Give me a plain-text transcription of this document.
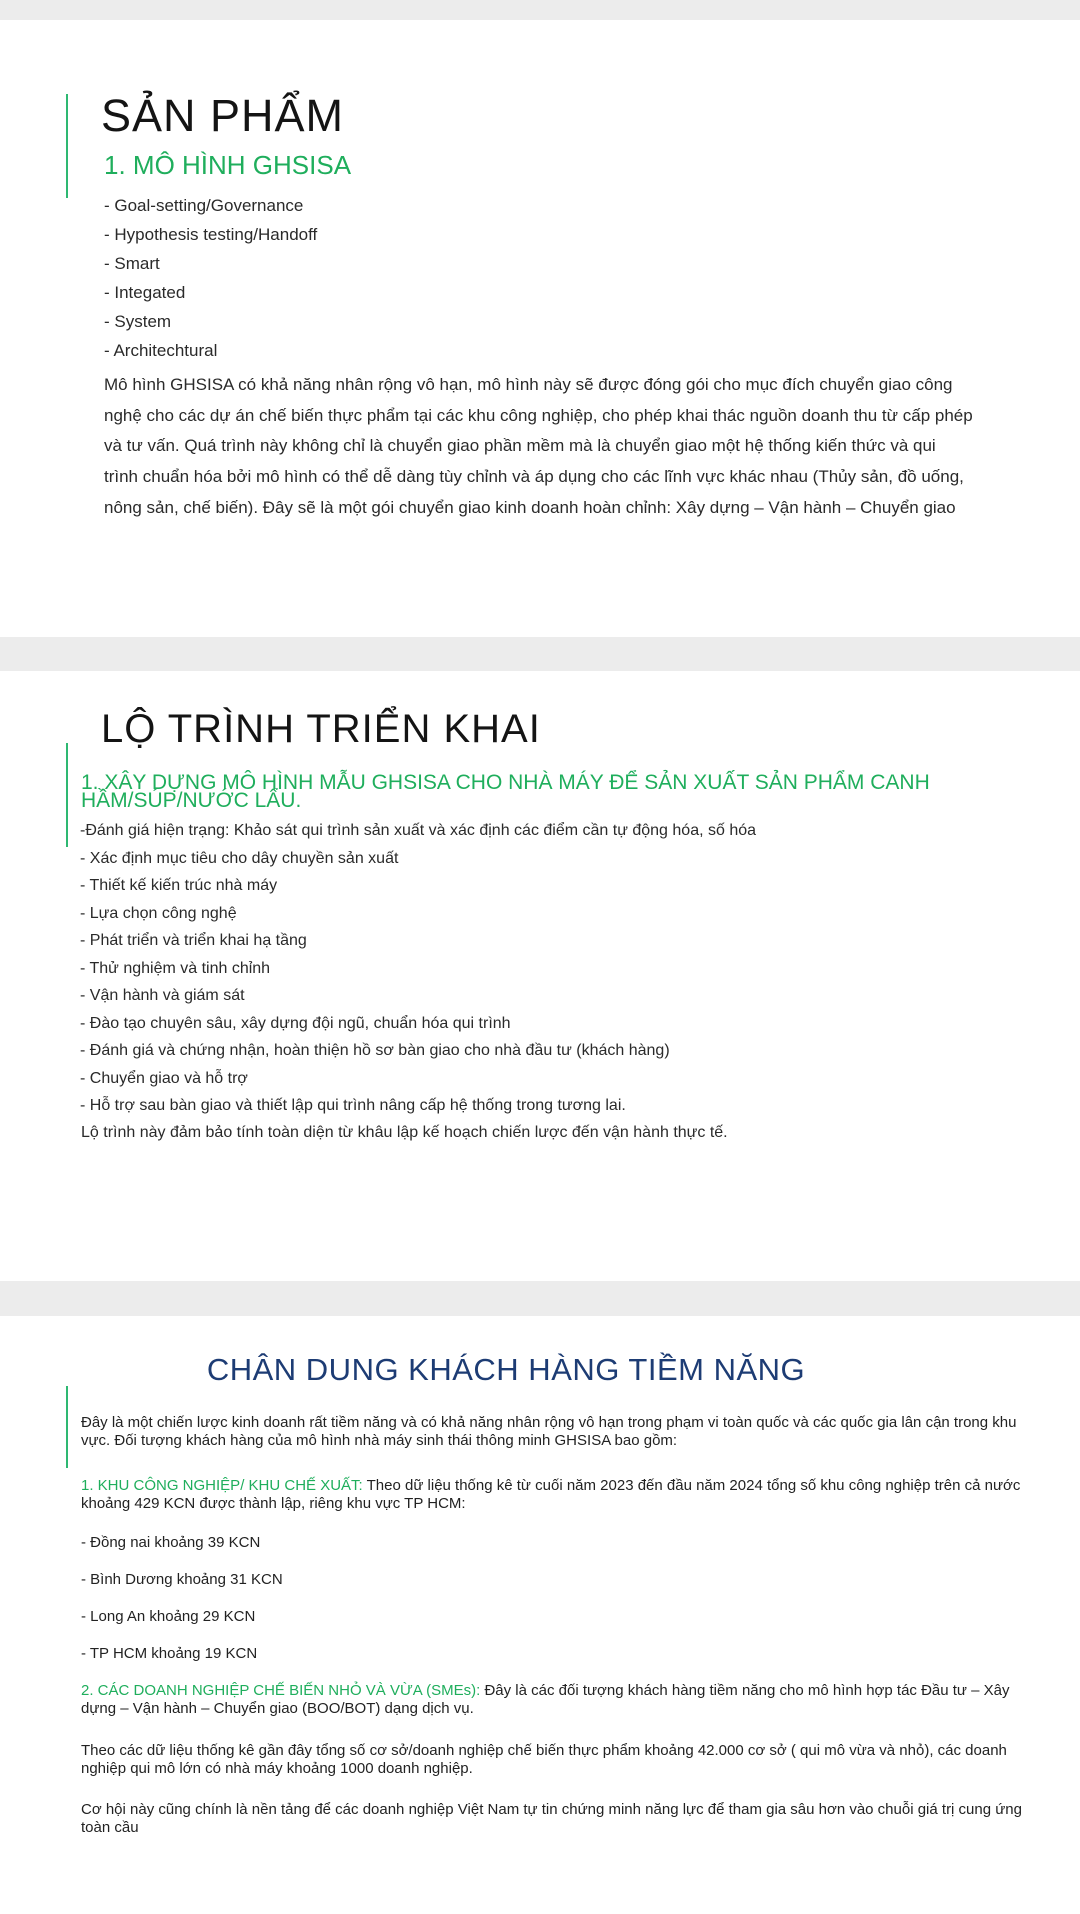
SẢN PHẨM
1. MÔ HÌNH GHSISA
- Goal-setting/Governance
- Hypothesis testing/Handoff
- Smart
- Integated
- System
- Architechtural

Mô hình GHSISA có khả năng nhân rộng vô hạn, mô hình này sẽ được đóng gói cho mục đích chuyển giao công nghệ cho các dự án chế biến thực phẩm tại các khu công nghiệp, cho phép khai thác nguồn doanh thu từ cấp phép và tư vấn. Quá trình này không chỉ là chuyển giao phần mềm mà là chuyển giao một hệ thống kiến thức và qui trình chuẩn hóa bởi mô hình có thể dễ dàng tùy chỉnh và áp dụng cho các lĩnh vực khác nhau (Thủy sản, đồ uống, nông sản, chế biến). Đây sẽ là một gói chuyển giao kinh doanh hoàn chỉnh: Xây dựng – Vận hành – Chuyển giao

LỘ TRÌNH TRIỂN KHAI
1. XÂY DỰNG MÔ HÌNH MẪU GHSISA CHO NHÀ MÁY ĐỂ SẢN XUẤT SẢN PHẨM CANH HẦM/SÚP/NƯỚC LẨU.
-Đánh giá hiện trạng: Khảo sát qui trình sản xuất và xác định các điểm cần tự động hóa, số hóa
- Xác định mục tiêu cho dây chuyền sản xuất
- Thiết kế kiến trúc nhà máy
- Lựa chọn công nghệ
- Phát triển và triển khai hạ tầng
- Thử nghiệm và tinh chỉnh
- Vận hành và giám sát
- Đào tạo chuyên sâu, xây dựng đội ngũ, chuẩn hóa qui trình
- Đánh giá và chứng nhận, hoàn thiện hồ sơ bàn giao cho nhà đầu tư (khách hàng)
- Chuyển giao và hỗ trợ
- Hỗ trợ sau bàn giao và thiết lập qui trình nâng cấp hệ thống trong tương lai.

Lộ trình này đảm bảo tính toàn diện từ khâu lập kế hoạch chiến lược đến vận hành thực tế.

CHÂN DUNG KHÁCH HÀNG TIỀM NĂNG

Đây là một chiến lược kinh doanh rất tiềm năng và có khả năng nhân rộng vô hạn trong phạm vi toàn quốc và các quốc gia lân cận trong khu vực. Đối tượng khách hàng của mô hình nhà máy sinh thái thông minh GHSISA bao gồm:

1. KHU CÔNG NGHIỆP/ KHU CHẾ XUẤT: Theo dữ liệu thống kê từ cuối năm 2023 đến đầu năm 2024 tổng số khu công nghiệp trên cả nước khoảng 429 KCN được thành lập, riêng khu vực TP HCM:

- Đồng nai khoảng 39 KCN
- Bình Dương khoảng 31 KCN
- Long An khoảng 29 KCN
- TP HCM khoảng 19 KCN

2. CÁC DOANH NGHIỆP CHẾ BIẾN NHỎ VÀ VỪA (SMEs): Đây là các đối tượng khách hàng tiềm năng cho mô hình hợp tác Đầu tư – Xây dựng – Vận hành – Chuyển giao (BOO/BOT) dạng dịch vụ.

Theo các dữ liệu thống kê gần đây tổng số cơ sở/doanh nghiệp chế biến thực phẩm khoảng 42.000 cơ sở ( qui mô vừa và nhỏ), các doanh nghiệp qui mô lớn có nhà máy khoảng 1000 doanh nghiệp.

Cơ hội này cũng chính là nền tảng để các doanh nghiệp Việt Nam tự tin chứng minh năng lực để tham gia sâu hơn vào chuỗi giá trị cung ứng toàn cầu
